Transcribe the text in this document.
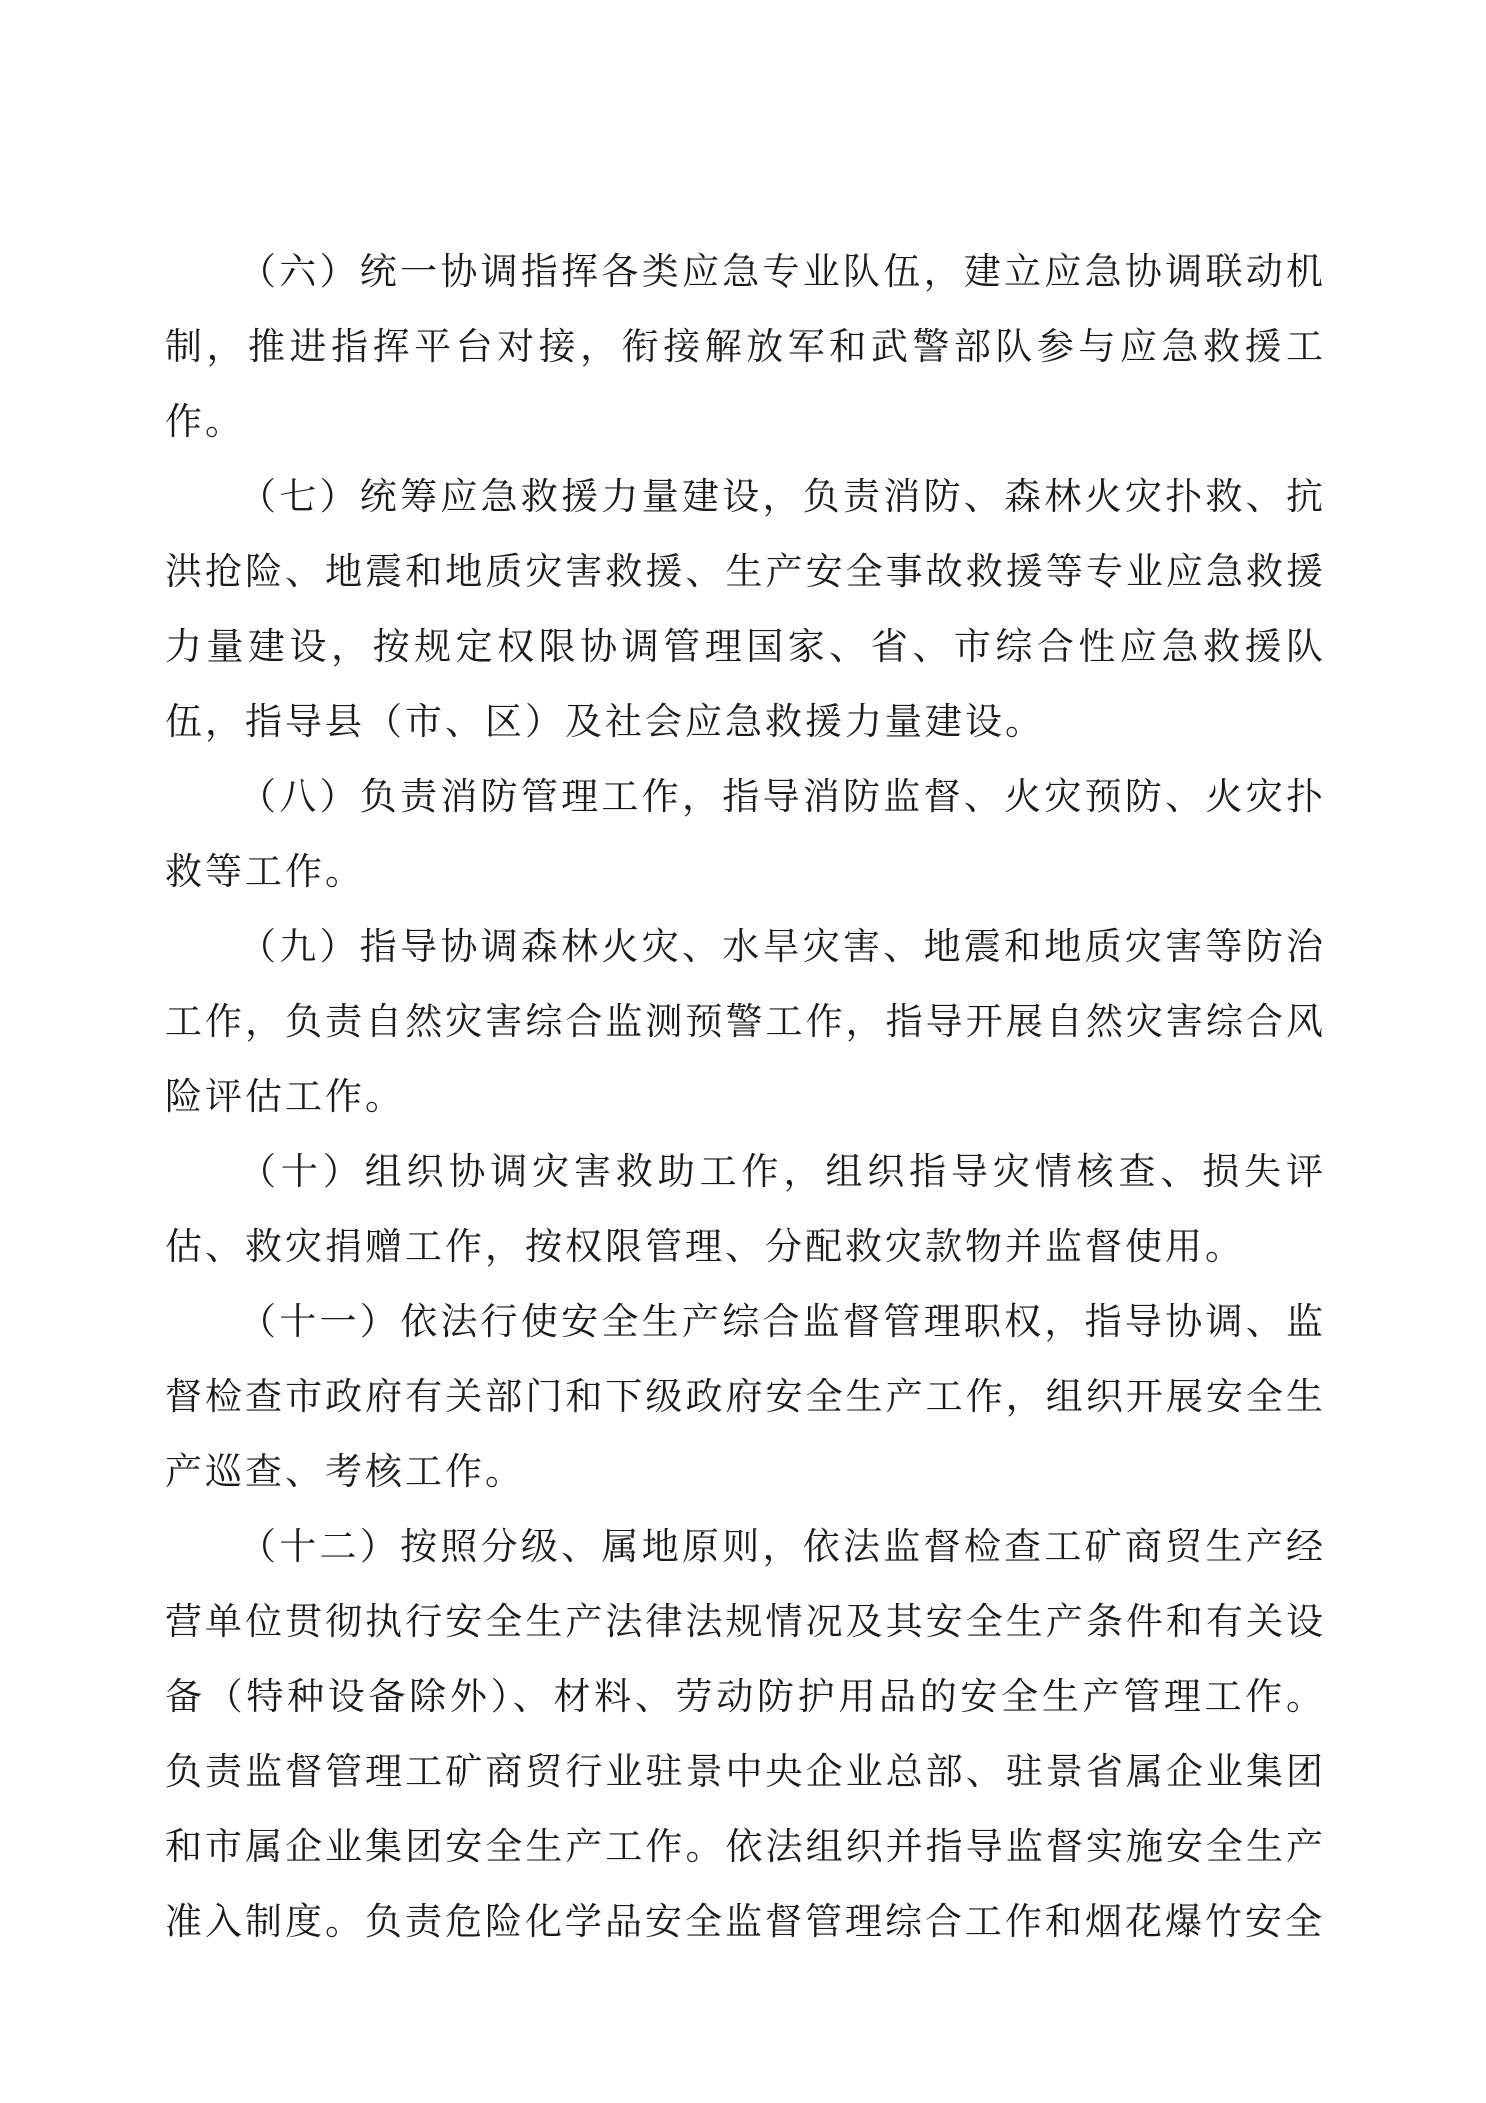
（六）统一协调指挥各类应急专业队伍，建立应急协调联动机制，推进指挥平台对接，衔接解放军和武警部队参与应急救援工作。

（七）统筹应急救援力量建设，负责消防、森林火灾扑救、抗洪抢险、地震和地质灾害救援、生产安全事故救援等专业应急救援力量建设，按规定权限协调管理国家、省、市综合性应急救援队伍，指导县（市、区）及社会应急救援力量建设。

（八）负责消防管理工作，指导消防监督、火灾预防、火灾扑救等工作。

（九）指导协调森林火灾、水旱灾害、地震和地质灾害等防治工作，负责自然灾害综合监测预警工作，指导开展自然灾害综合风险评估工作。

（十）组织协调灾害救助工作，组织指导灾情核查、损失评估、救灾捐赠工作，按权限管理、分配救灾款物并监督使用。

（十一）依法行使安全生产综合监督管理职权，指导协调、监督检查市政府有关部门和下级政府安全生产工作，组织开展安全生产巡查、考核工作。

（十二）按照分级、属地原则，依法监督检查工矿商贸生产经营单位贯彻执行安全生产法律法规情况及其安全生产条件和有关设备（特种设备除外）、材料、劳动防护用品的安全生产管理工作。负责监督管理工矿商贸行业驻景中央企业总部、驻景省属企业集团和市属企业集团安全生产工作。依法组织并指导监督实施安全生产准入制度。负责危险化学品安全监督管理综合工作和烟花爆竹安全
